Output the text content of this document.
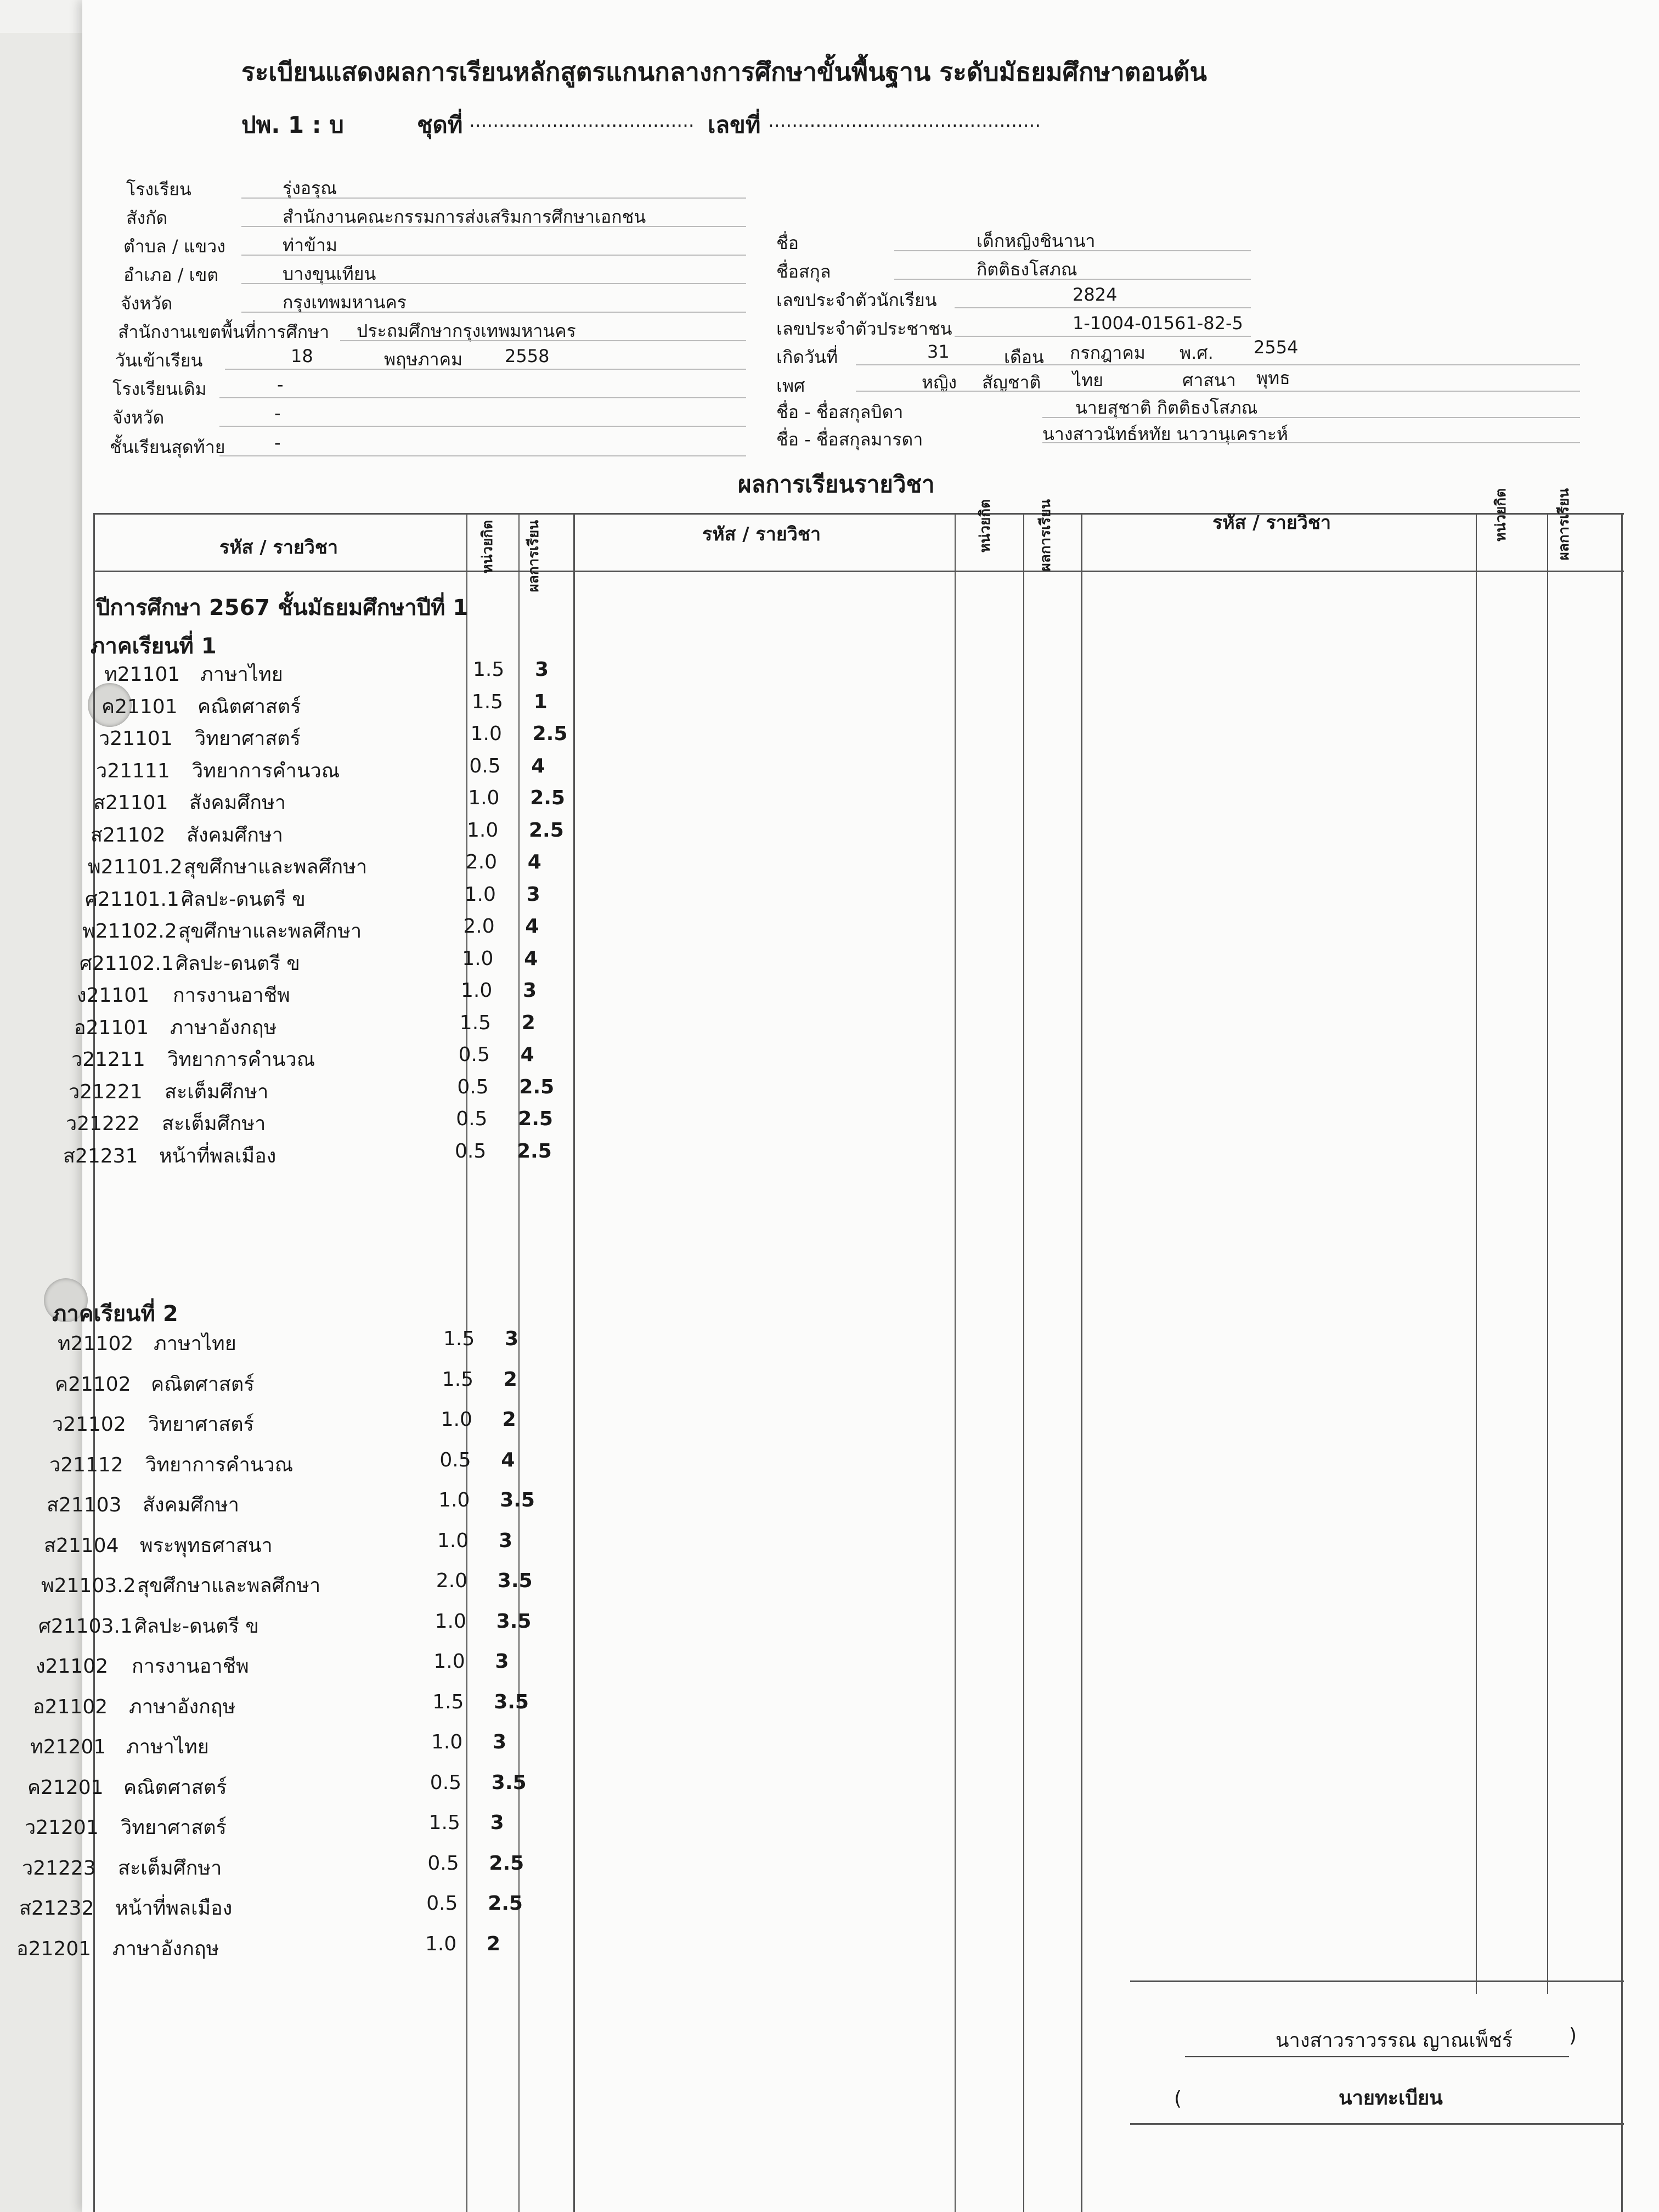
ระเบียนแสดงผลการเรียนหลักสูตรแกนกลางการศึกษาขั้นพื้นฐาน ระดับมัธยมศึกษาตอนต้น
ปพ. 1 : บ	ชุดที่ ...................................... เลขที่ ..............................................
โรงเรียน	รุ่งอรุณ
สังกัด	สำนักงานคณะกรรมการส่งเสริมการศึกษาเอกชน
ตำบล / แขวง	ท่าข้าม
อำเภอ / เขต	บางขุนเทียน
จังหวัด	กรุงเทพมหานคร
สำนักงานเขตพื้นที่การศึกษา ประถมศึกษากรุงเทพมหานคร
วันเข้าเรียน	18	พฤษภาคม 2558
โรงเรียนเดิม	-
จังหวัด	-
ชั้นเรียนสุดท้าย	-
ชื่อ	เด็กหญิงชินานา
ชื่อสกุล	กิตติธงโสภณ
เลขประจำตัวนักเรียน	2824
เลขประจำตัวประชาชน	1-1004-01561-82-5
เกิดวันที่	31	เดือน กรกฎาคม พ.ศ. 2554
เพศ	หญิง สัญชาติ ไทย	ศาสนา พุทธ
ชื่อ - ชื่อสกุลบิดา	นายสุชาติ กิตติธงโสภณ
ชื่อ - ชื่อสกุลมารดา	นางสาวนัทธ์หทัย นาวานุเคราะห์
ผลการเรียนรายวิชา
รหัส / รายวิชา	หน่วยกิต ผลการเรียน	รหัส / รายวิชา	หน่วยกิต	ผลการเรียน	รหัส / รายวิชา	หน่วยกิต	ผลการเรียน
ปีการศึกษา 2567 ชั้นมัธยมศึกษาปีที่ 1
ภาคเรียนที่ 1
ภาคเรียนที่ 2
ท21101 ภาษาไทย	1.5 3
ค21101 คณิตศาสตร์	1.5 1
ว21101 วิทยาศาสตร์	1.0 2.5
ว21111 วิทยาการคำนวณ	0.5 4
ส21101 สังคมศึกษา	1.0 2.5
ส21102 สังคมศึกษา	1.0 2.5
พ21101.2 สุขศึกษาและพลศึกษา	2.0 4
ศ21101.1 ศิลปะ-ดนตรี ข	1.0 3
พ21102.2 สุขศึกษาและพลศึกษา	2.0 4
ศ21102.1 ศิลปะ-ดนตรี ข	1.0 4
ง21101 การงานอาชีพ	1.0 3
อ21101 ภาษาอังกฤษ	1.5 2
ว21211 วิทยาการคำนวณ	0.5 4
ว21221 สะเต็มศึกษา	0.5 2.5
ว21222 สะเต็มศึกษา	0.5 2.5
ส21231 หน้าที่พลเมือง	0.5 2.5
ท21102 ภาษาไทย	1.5 3
ค21102 คณิตศาสตร์	1.5 2
ว21102 วิทยาศาสตร์	1.0 2
ว21112 วิทยาการคำนวณ	0.5 4
ส21103 สังคมศึกษา	1.0 3.5
ส21104 พระพุทธศาสนา	1.0 3
พ21103.2 สุขศึกษาและพลศึกษา	2.0 3.5
ศ21103.1 ศิลปะ-ดนตรี ข	1.0 3.5
ง21102 การงานอาชีพ	1.0 3
อ21102 ภาษาอังกฤษ	1.5 3.5
ท21201 ภาษาไทย	1.0 3
ค21201 คณิตศาสตร์	0.5 3.5
ว21201 วิทยาศาสตร์	1.5 3
ว21223 สะเต็มศึกษา	0.5 2.5
ส21232 หน้าที่พลเมือง	0.5 2.5
อ21201 ภาษาอังกฤษ	1.0 2
นางสาวราวรรณ ญาณเพ็ชร์
(
)
นายทะเบียน
